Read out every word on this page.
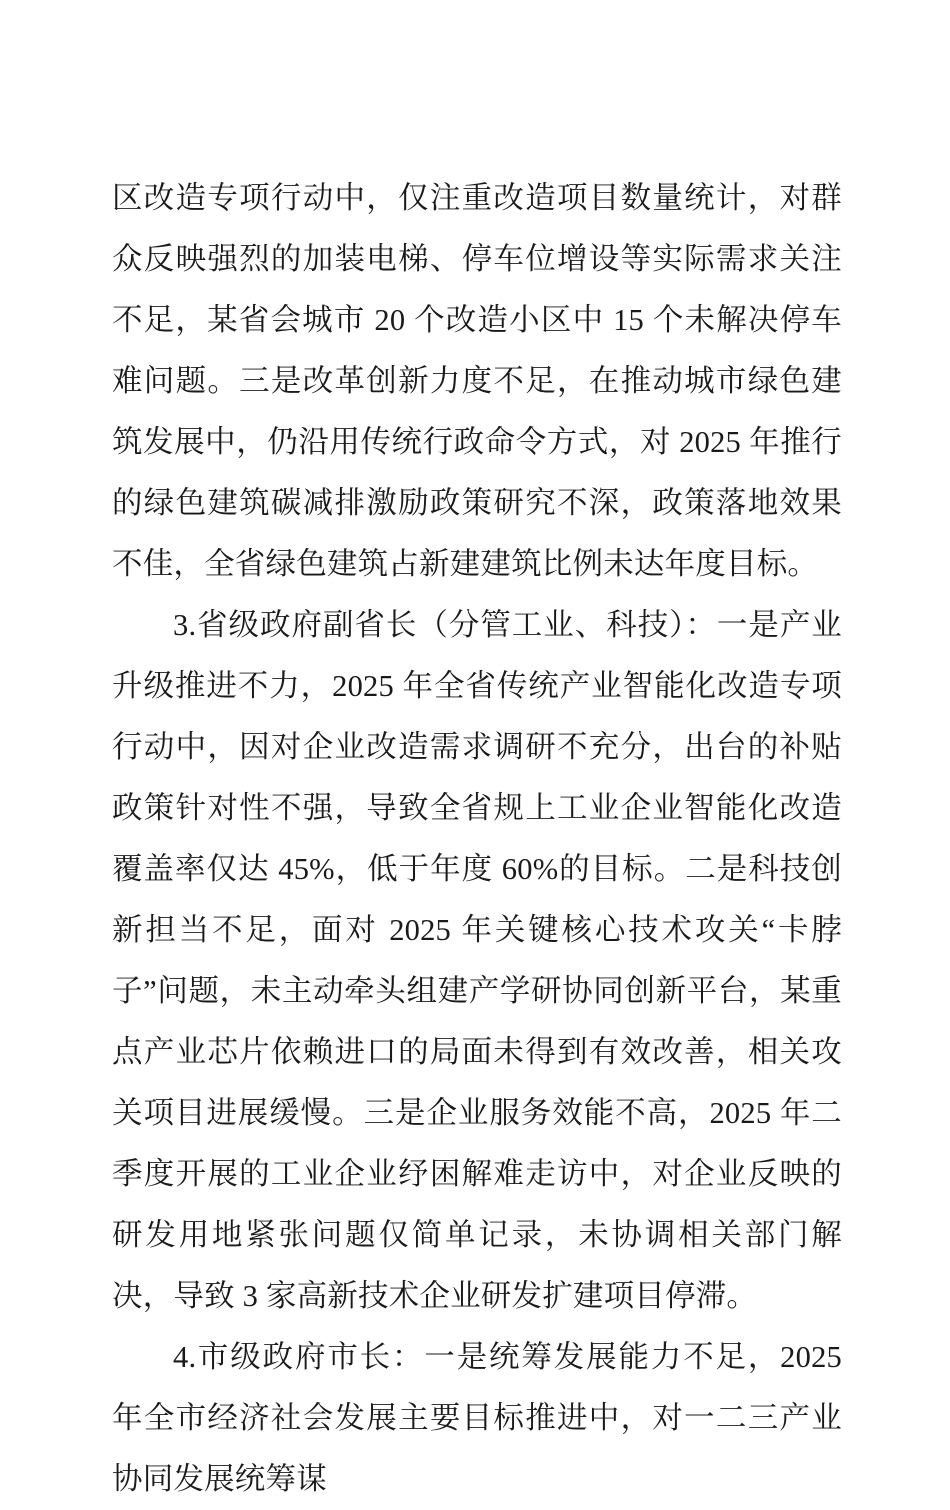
区改造专项行动中，仅注重改造项目数量统计，对群众反映强烈的加装电梯、停车位增设等实际需求关注不足，某省会城市 20 个改造小区中 15 个未解决停车难问题。三是改革创新力度不足，在推动城市绿色建筑发展中，仍沿用传统行政命令方式，对 2025 年推行的绿色建筑碳减排激励政策研究不深，政策落地效果不佳，全省绿色建筑占新建建筑比例未达年度目标。

3.省级政府副省长（分管工业、科技）：一是产业升级推进不力，2025 年全省传统产业智能化改造专项行动中，因对企业改造需求调研不充分，出台的补贴政策针对性不强，导致全省规上工业企业智能化改造覆盖率仅达 45%，低于年度 60%的目标。二是科技创新担当不足，面对 2025 年关键核心技术攻关“卡脖子”问题，未主动牵头组建产学研协同创新平台，某重点产业芯片依赖进口的局面未得到有效改善，相关攻关项目进展缓慢。三是企业服务效能不高，2025 年二季度开展的工业企业纾困解难走访中，对企业反映的研发用地紧张问题仅简单记录，未协调相关部门解决，导致 3 家高新技术企业研发扩建项目停滞。

4.市级政府市长：一是统筹发展能力不足，2025 年全市经济社会发展主要目标推进中，对一二三产业协同发展统筹谋
